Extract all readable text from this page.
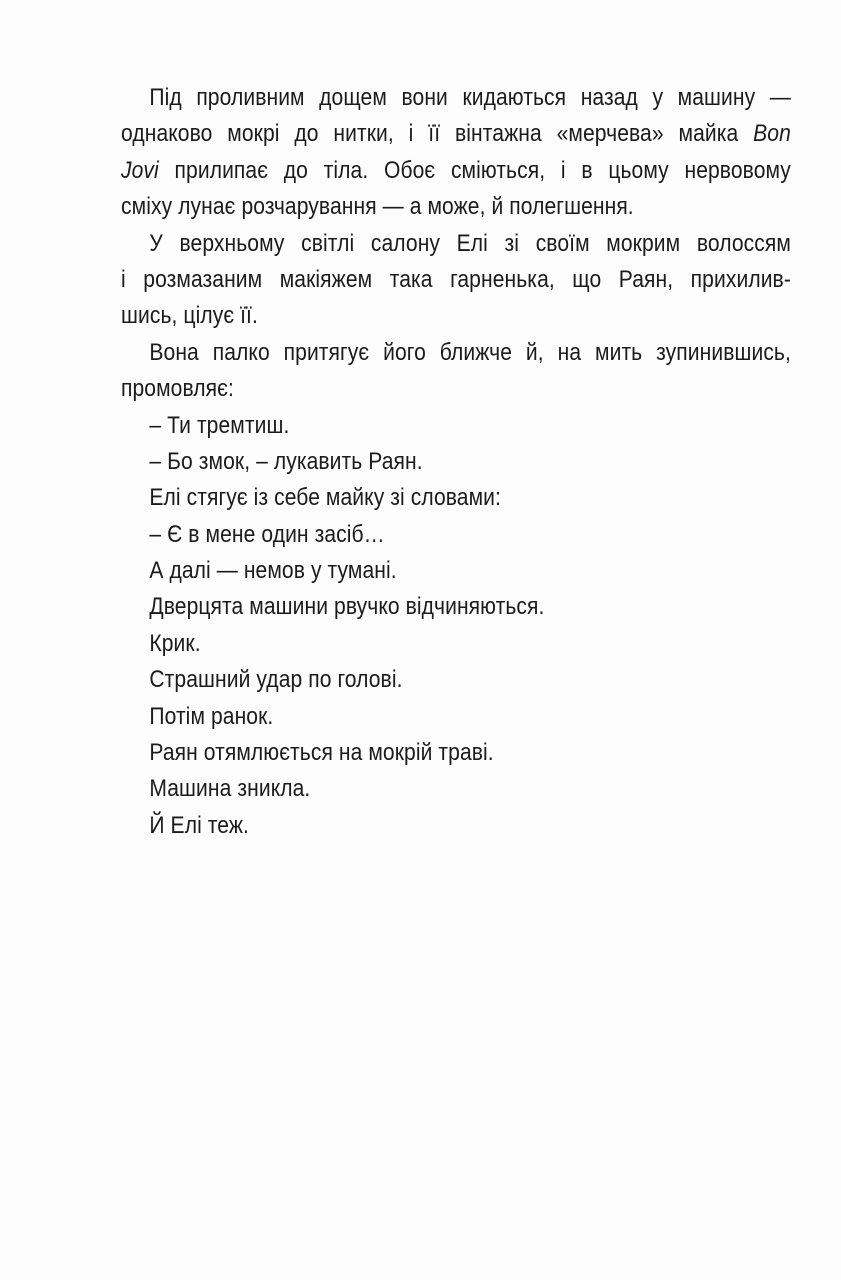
Під проливним дощем вони кидаються назад у машину —
однаково мокрі до нитки, і її вінтажна «мерчева» майка Bon
Jovi прилипає до тіла. Обоє сміються, і в цьому нервовому
сміху лунає розчарування — а може, й полегшення.
У верхньому світлі салону Елі зі своїм мокрим волоссям
і розмазаним макіяжем така гарненька, що Раян, прихилив-
шись, цілує її.
Вона палко притягує його ближче й, на мить зупинившись,
промовляє:
– Ти тремтиш.
– Бо змок, – лукавить Раян.
Елі стягує із себе майку зі словами:
– Є в мене один засіб…
А далі — немов у тумані.
Дверцята машини рвучко відчиняються.
Крик.
Страшний удар по голові.
Потім ранок.
Раян отямлюється на мокрій траві.
Машина зникла.
Й Елі теж.
